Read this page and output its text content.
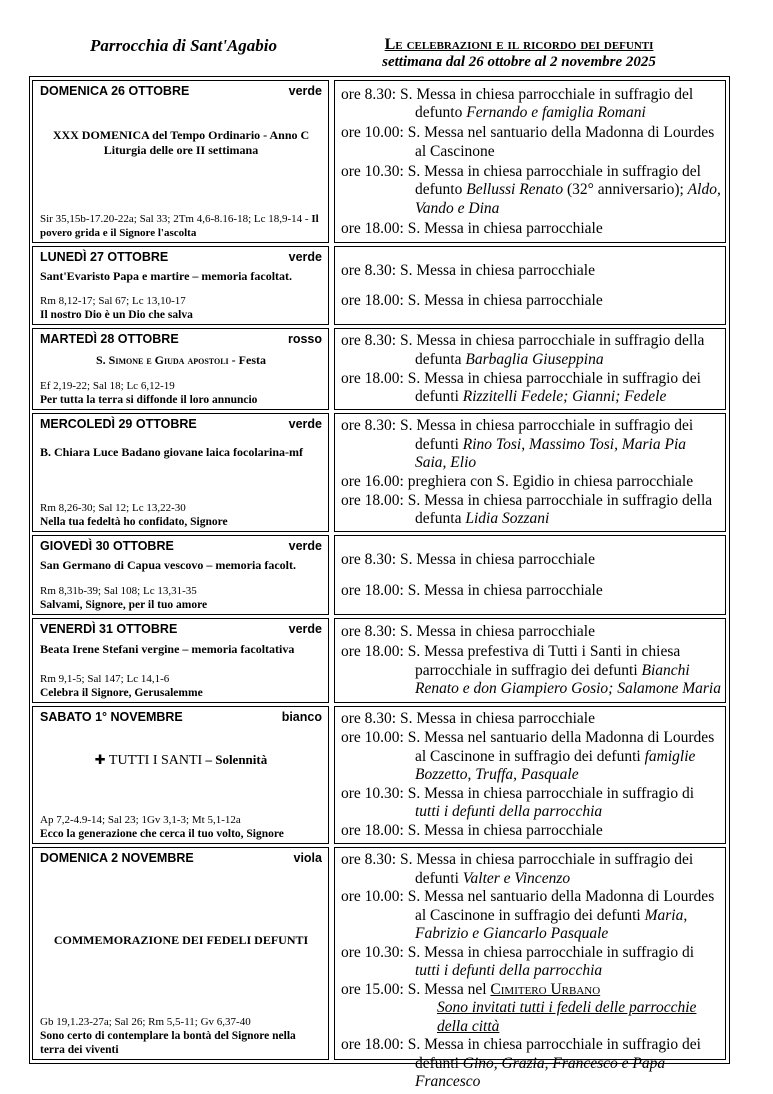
Parrocchia di Sant'Agabio	Le celebrazioni e il ricordo dei defunti
settimana dal 26 ottobre al 2 novembre 2025
DOMENICA 26 OTTOBRE	verde
XXX DOMENICA del Tempo Ordinario - Anno C
Liturgia delle ore II settimana
Sir 35,15b-17.20-22a; Sal 33; 2Tm 4,6-8.16-18; Lc 18,9-14 - Il povero grida e il Signore l'ascolta
ore 8.30: S. Messa in chiesa parrocchiale in suffragio del defunto Fernando e famiglia Romani
ore 10.00: S. Messa nel santuario della Madonna di Lourdes al Cascinone
ore 10.30: S. Messa in chiesa parrocchiale in suffragio del defunto Bellussi Renato (32° anniversario); Aldo, Vando e Dina
ore 18.00: S. Messa in chiesa parrocchiale
LUNEDÌ 27 OTTOBRE	verde
Sant'Evaristo Papa e martire – memoria facoltat.
Rm 8,12-17; Sal 67; Lc 13,10-17
Il nostro Dio è un Dio che salva
ore 8.30: S. Messa in chiesa parrocchiale
ore 18.00: S. Messa in chiesa parrocchiale
MARTEDÌ 28 OTTOBRE	rosso
S. Simone e Giuda apostoli - Festa
Ef 2,19-22; Sal 18; Lc 6,12-19
Per tutta la terra si diffonde il loro annuncio
ore 8.30: S. Messa in chiesa parrocchiale in suffragio della defunta Barbaglia Giuseppina
ore 18.00: S. Messa in chiesa parrocchiale in suffragio dei defunti Rizzitelli Fedele; Gianni; Fedele
MERCOLEDÌ 29 OTTOBRE	verde
B. Chiara Luce Badano giovane laica focolarina-mf
Rm 8,26-30; Sal 12; Lc 13,22-30
Nella tua fedeltà ho confidato, Signore
ore 8.30: S. Messa in chiesa parrocchiale in suffragio dei defunti Rino Tosi, Massimo Tosi, Maria Pia Saia, Elio
ore 16.00: preghiera con S. Egidio in chiesa parrocchiale
ore 18.00: S. Messa in chiesa parrocchiale in suffragio della defunta Lidia Sozzani
GIOVEDÌ 30 OTTOBRE	verde
San Germano di Capua vescovo – memoria facolt.
Rm 8,31b-39; Sal 108; Lc 13,31-35
Salvami, Signore, per il tuo amore
ore 8.30: S. Messa in chiesa parrocchiale
ore 18.00: S. Messa in chiesa parrocchiale
VENERDÌ 31 OTTOBRE	verde
Beata Irene Stefani vergine – memoria facoltativa
Rm 9,1-5; Sal 147; Lc 14,1-6
Celebra il Signore, Gerusalemme
ore 8.30: S. Messa in chiesa parrocchiale
ore 18.00: S. Messa prefestiva di Tutti i Santi in chiesa parrocchiale in suffragio dei defunti Bianchi Renato e don Giampiero Gosio; Salamone Maria
SABATO 1° NOVEMBRE	bianco
✚ TUTTI I SANTI – Solennità
Ap 7,2-4.9-14; Sal 23; 1Gv 3,1-3; Mt 5,1-12a
Ecco la generazione che cerca il tuo volto, Signore
ore 8.30: S. Messa in chiesa parrocchiale
ore 10.00: S. Messa nel santuario della Madonna di Lourdes al Cascinone in suffragio dei defunti famiglie Bozzetto, Truffa, Pasquale
ore 10.30: S. Messa in chiesa parrocchiale in suffragio di tutti i defunti della parrocchia
ore 18.00: S. Messa in chiesa parrocchiale
DOMENICA 2 NOVEMBRE	viola
COMMEMORAZIONE DEI FEDELI DEFUNTI
Gb 19,1.23-27a; Sal 26; Rm 5,5-11; Gv 6,37-40
Sono certo di contemplare la bontà del Signore nella terra dei viventi
ore 8.30: S. Messa in chiesa parrocchiale in suffragio dei defunti Valter e Vincenzo
ore 10.00: S. Messa nel santuario della Madonna di Lourdes al Cascinone in suffragio dei defunti Maria, Fabrizio e Giancarlo Pasquale
ore 10.30: S. Messa in chiesa parrocchiale in suffragio di tutti i defunti della parrocchia
ore 15.00: S. Messa nel Cimitero Urbano
Sono invitati tutti i fedeli delle parrocchie della città
ore 18.00: S. Messa in chiesa parrocchiale in suffragio dei defunti Gino, Grazia, Francesco e Papa Francesco
